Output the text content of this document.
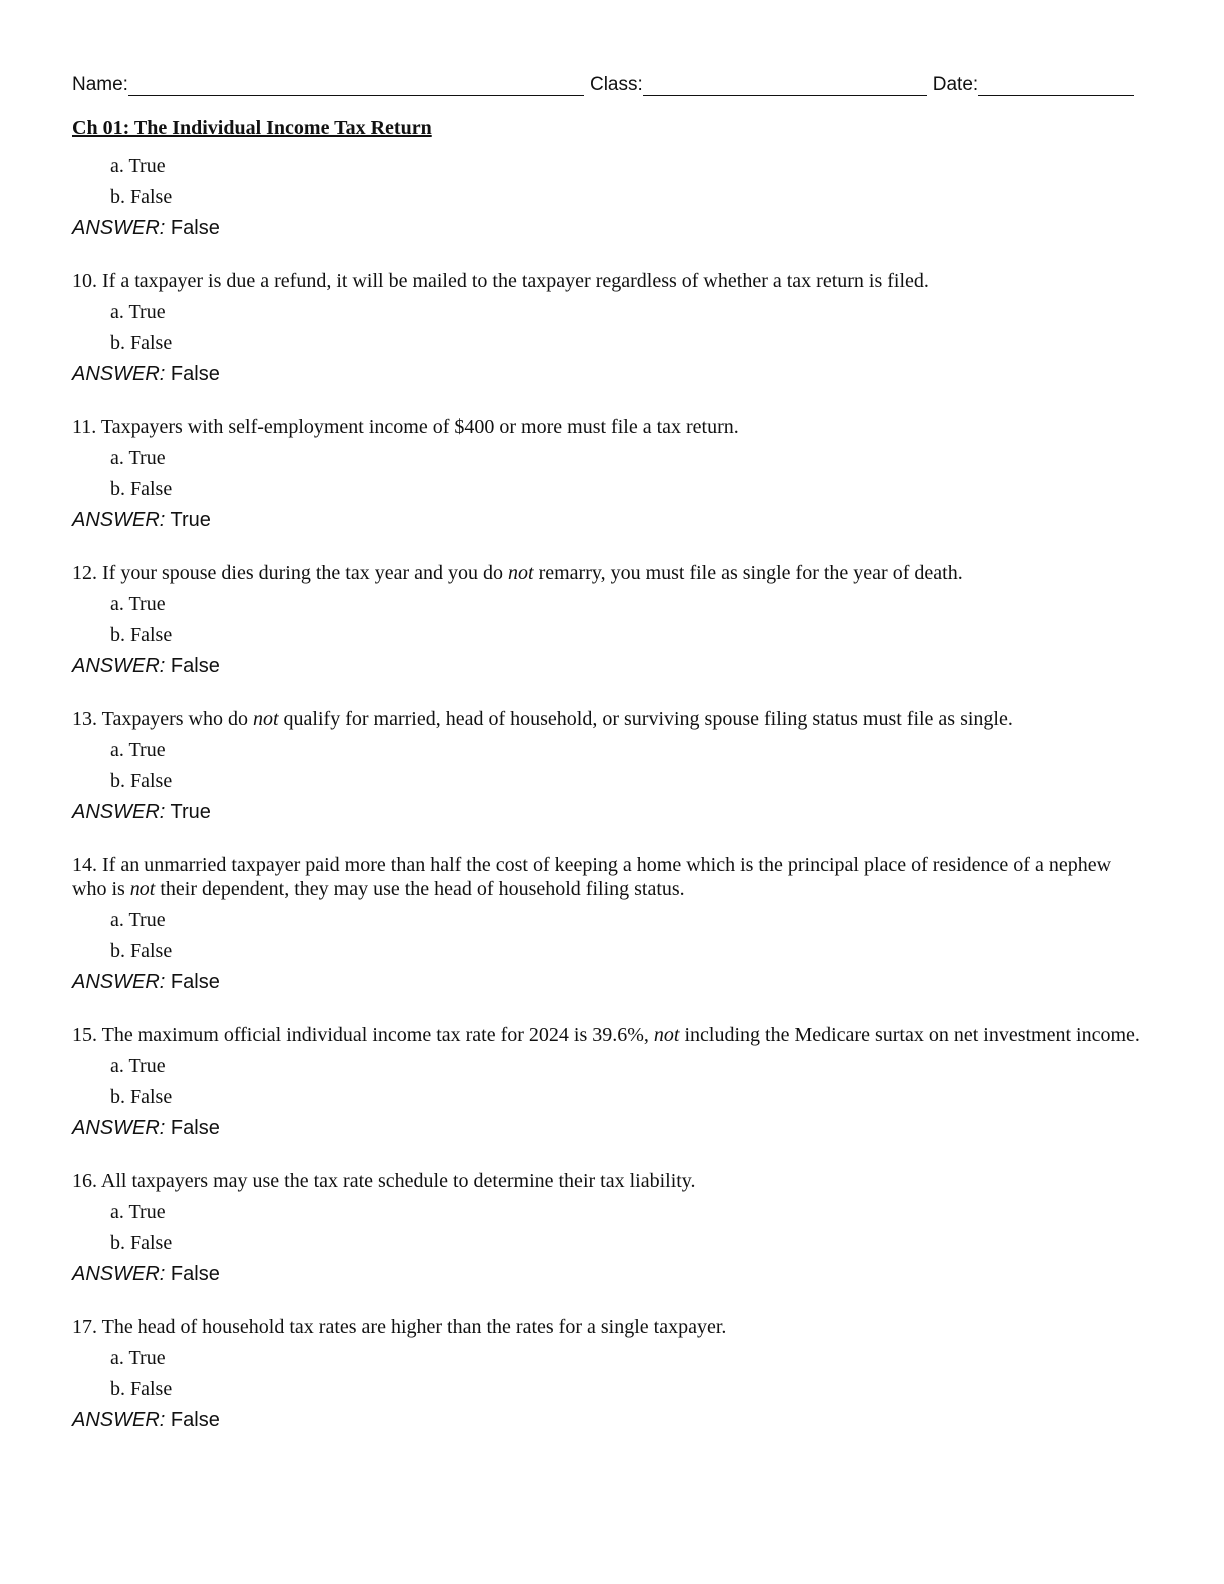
Name:	Class:	Date:
Ch 01: The Individual Income Tax Return
a. True
b. False
ANSWER: False
10. If a taxpayer is due a refund, it will be mailed to the taxpayer regardless of whether a tax return is filed.
a. True
b. False
ANSWER: False
11. Taxpayers with self-employment income of $400 or more must file a tax return.
a. True
b. False
ANSWER: True
12. If your spouse dies during the tax year and you do not remarry, you must file as single for the year of death.
a. True
b. False
ANSWER: False
13. Taxpayers who do not qualify for married, head of household, or surviving spouse filing status must file as single.
a. True
b. False
ANSWER: True
14. If an unmarried taxpayer paid more than half the cost of keeping a home which is the principal place of residence of a nephew who is not their dependent, they may use the head of household filing status.
a. True
b. False
ANSWER: False
15. The maximum official individual income tax rate for 2024 is 39.6%, not including the Medicare surtax on net investment income.
a. True
b. False
ANSWER: False
16. All taxpayers may use the tax rate schedule to determine their tax liability.
a. True
b. False
ANSWER: False
17. The head of household tax rates are higher than the rates for a single taxpayer.
a. True
b. False
ANSWER: False
